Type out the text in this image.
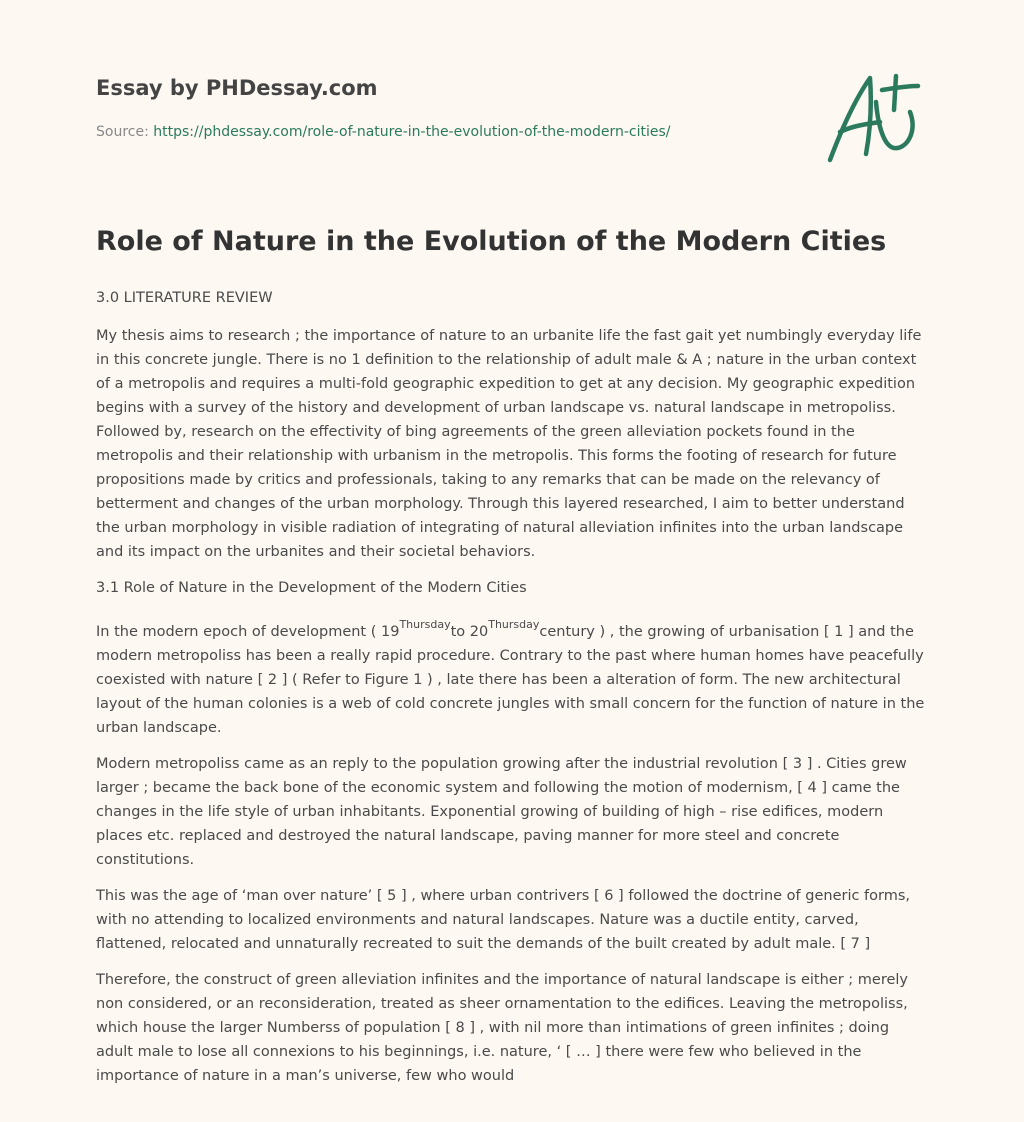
Essay by PHDessay.com
Source: https://phdessay.com/role-of-nature-in-the-evolution-of-the-modern-cities/
Role of Nature in the Evolution of the Modern Cities

3.0 LITERATURE REVIEW

My thesis aims to research ; the importance of nature to an urbanite life the fast gait yet numbingly everyday life in this concrete jungle. There is no 1 definition to the relationship of adult male & A ; nature in the urban context of a metropolis and requires a multi-fold geographic expedition to get at any decision. My geographic expedition begins with a survey of the history and development of urban landscape vs. natural landscape in metropoliss. Followed by, research on the effectivity of bing agreements of the green alleviation pockets found in the metropolis and their relationship with urbanism in the metropolis. This forms the footing of research for future propositions made by critics and professionals, taking to any remarks that can be made on the relevancy of betterment and changes of the urban morphology. Through this layered researched, I aim to better understand the urban morphology in visible radiation of integrating of natural alleviation infinites into the urban landscape and its impact on the urbanites and their societal behaviors.

3.1 Role of Nature in the Development of the Modern Cities

In the modern epoch of development ( $19^{Thursday}to$ $20^{Thursday}century$ ) , the growing of urbanisation [ 1 ] and the modern metropoliss has been a really rapid procedure. Contrary to the past where human homes have peacefully coexisted with nature [ 2 ] ( Refer to Figure 1 ) , late there has been a alteration of form. The new architectural layout of the human colonies is a web of cold concrete jungles with small concern for the function of nature in the urban landscape.

Modern metropoliss came as an reply to the population growing after the industrial revolution [ 3 ] . Cities grew larger ; became the back bone of the economic system and following the motion of modernism, [ 4 ] came the changes in the life style of urban inhabitants. Exponential growing of building of high – rise edifices, modern places etc. replaced and destroyed the natural landscape, paving manner for more steel and concrete constitutions.

This was the age of ‘man over nature’ [ 5 ] , where urban contrivers [ 6 ] followed the doctrine of generic forms, with no attending to localized environments and natural landscapes. Nature was a ductile entity, carved, flattened, relocated and unnaturally recreated to suit the demands of the built created by adult male. [ 7 ]

Therefore, the construct of green alleviation infinites and the importance of natural landscape is either ; merely non considered, or an reconsideration, treated as sheer ornamentation to the edifices. Leaving the metropoliss, which house the larger Numberss of population [ 8 ] , with nil more than intimations of green infinites ; doing adult male to lose all connexions to his beginnings, i.e. nature, ‘ [ … ] there were few who believed in the importance of nature in a man’s universe, few who would
